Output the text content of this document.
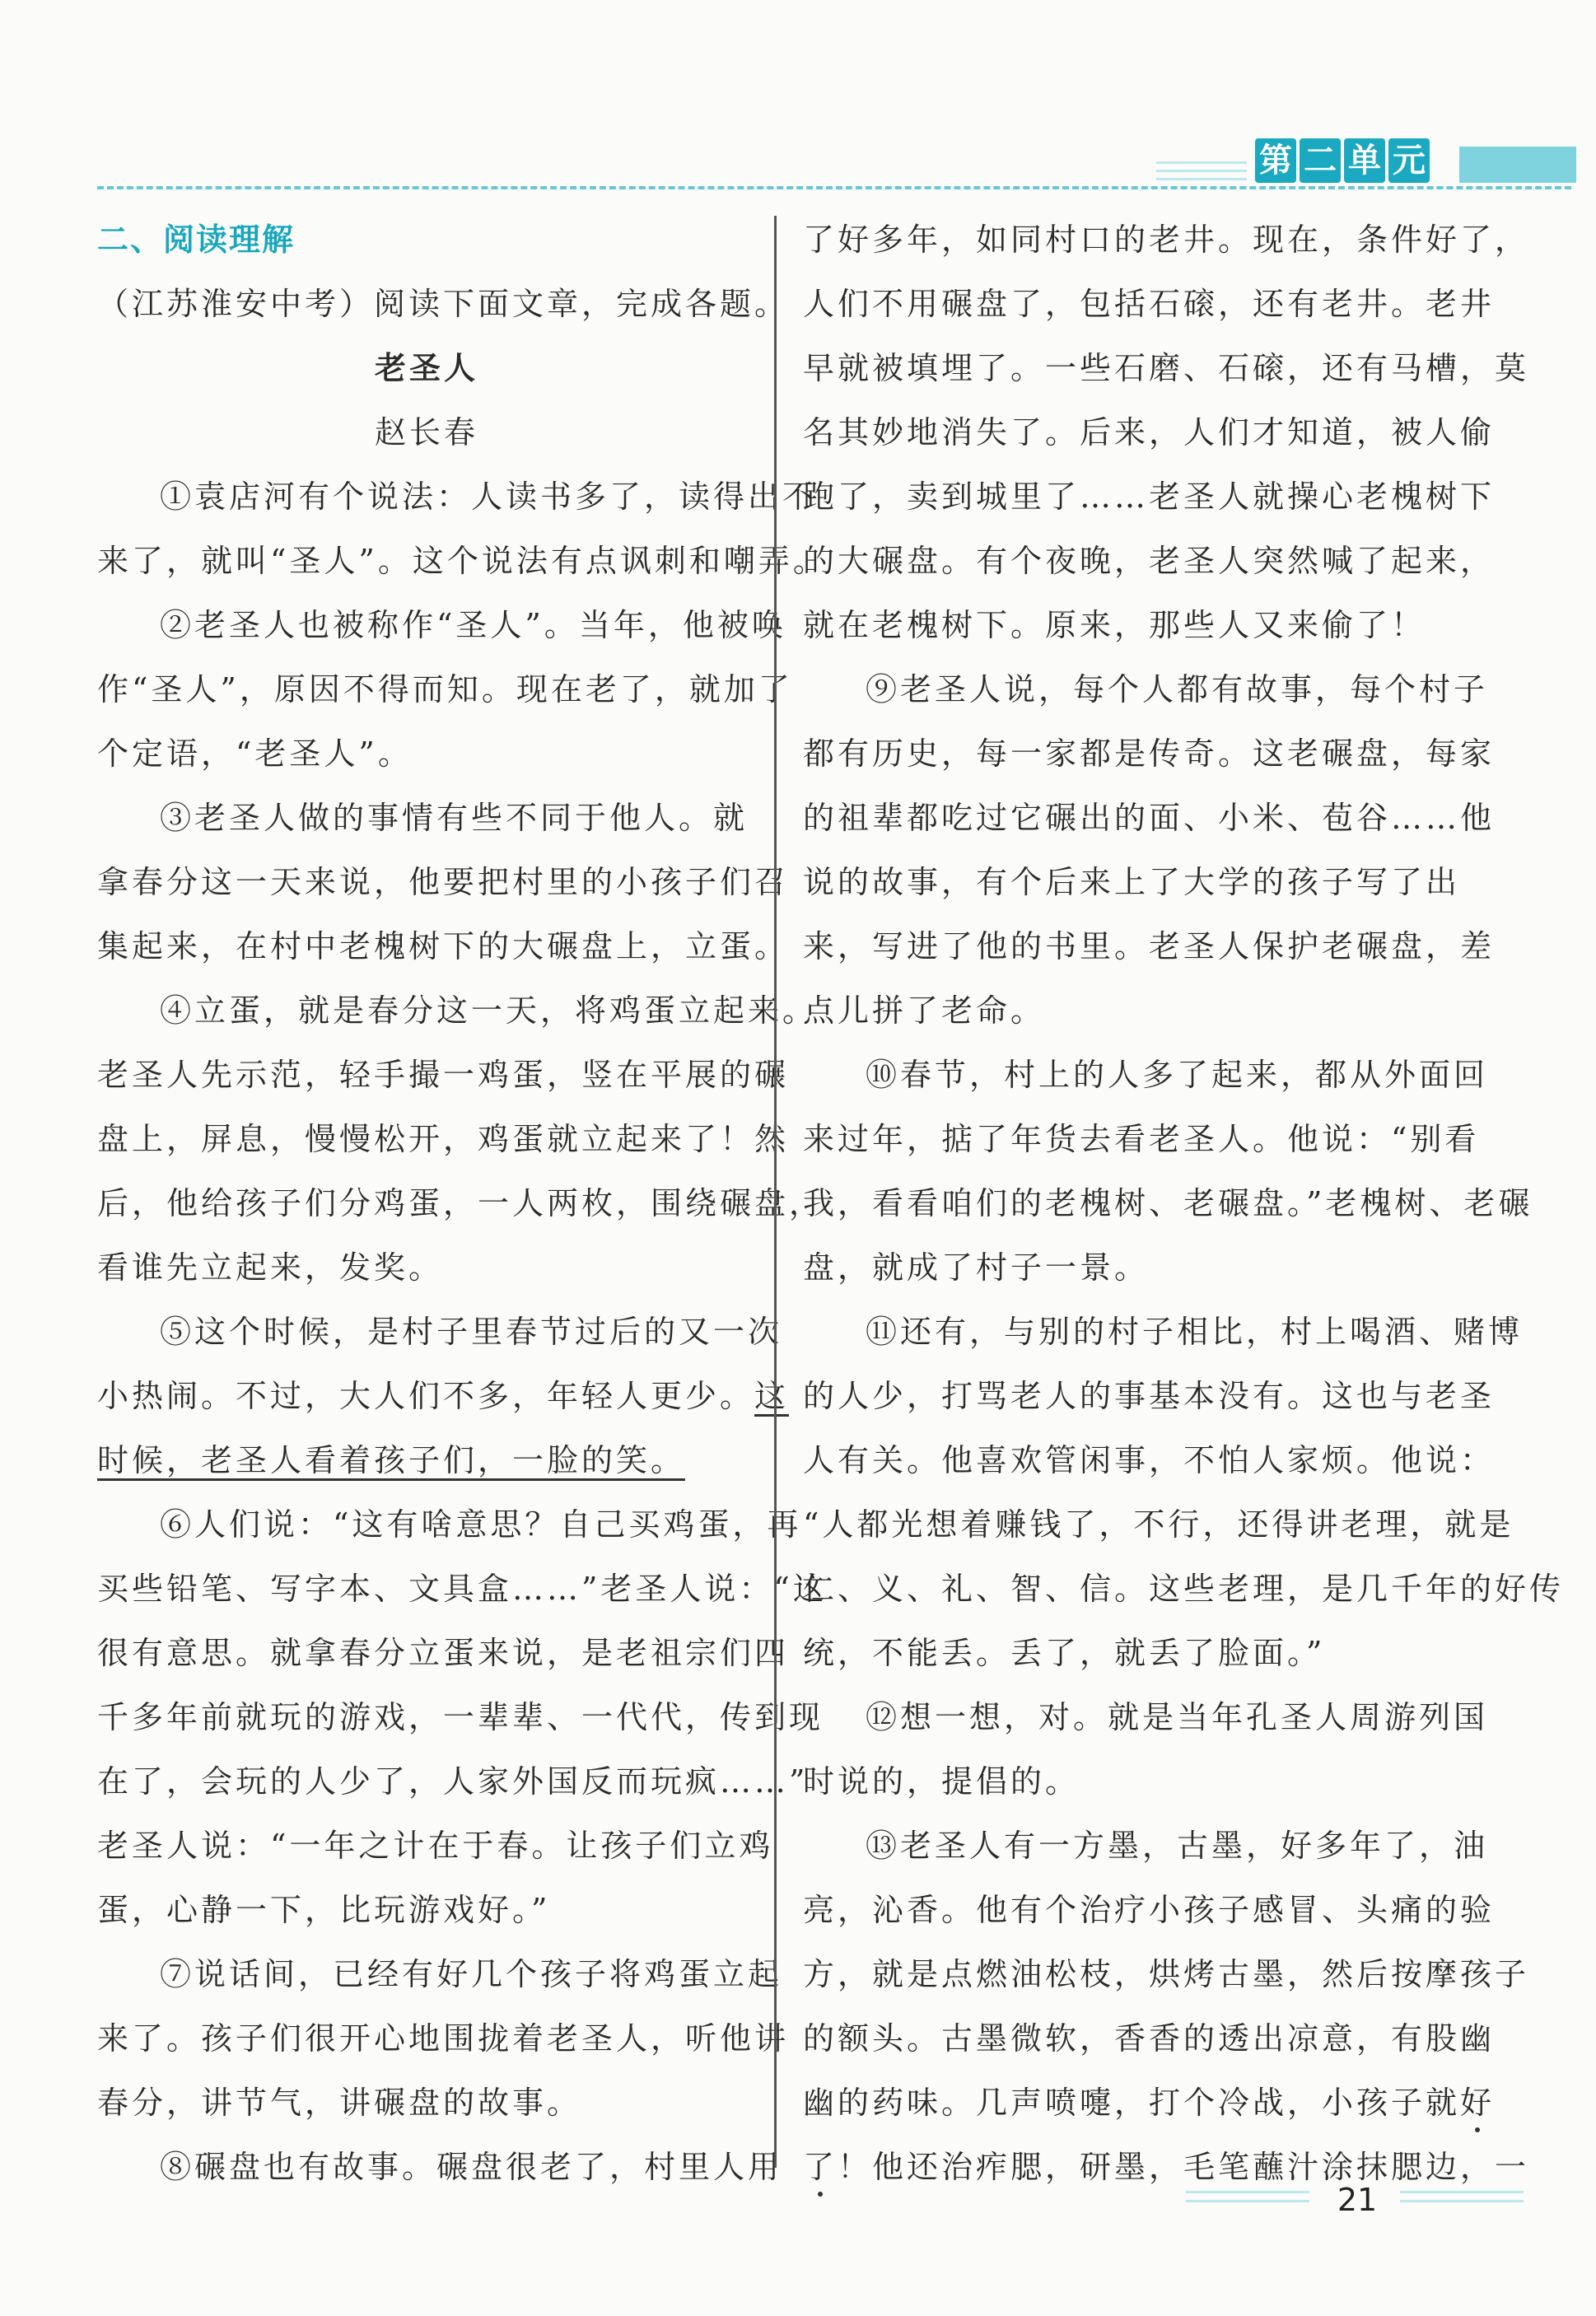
第 二 单 元
二、阅读理解
（江苏淮安中考）阅读下面文章，完成各题。
老圣人
赵长春
①袁店河有个说法：人读书多了，读得出不
来了，就叫“圣人”。这个说法有点讽刺和嘲弄。
②老圣人也被称作“圣人”。当年，他被唤
作“圣人”，原因不得而知。现在老了，就加了
个定语，“老圣人”。
③老圣人做的事情有些不同于他人。就
拿春分这一天来说，他要把村里的小孩子们召
集起来，在村中老槐树下的大碾盘上，立蛋。
④立蛋，就是春分这一天，将鸡蛋立起来。
老圣人先示范，轻手撮一鸡蛋，竖在平展的碾
盘上，屏息，慢慢松开，鸡蛋就立起来了！然
后，他给孩子们分鸡蛋，一人两枚，围绕碾盘，
看谁先立起来，发奖。
⑤这个时候，是村子里春节过后的又一次
小热闹。不过，大人们不多，年轻人更少。这
时候，老圣人看着孩子们，一脸的笑。
⑥人们说：“这有啥意思？自己买鸡蛋，再
买些铅笔、写字本、文具盒……”老圣人说：“这
很有意思。就拿春分立蛋来说，是老祖宗们四
千多年前就玩的游戏，一辈辈、一代代，传到现
在了，会玩的人少了，人家外国反而玩疯……”
老圣人说：“一年之计在于春。让孩子们立鸡
蛋，心静一下，比玩游戏好。”
⑦说话间，已经有好几个孩子将鸡蛋立起
来了。孩子们很开心地围拢着老圣人，听他讲
春分，讲节气，讲碾盘的故事。
⑧碾盘也有故事。碾盘很老了，村里人用
了好多年，如同村口的老井。现在，条件好了，
人们不用碾盘了，包括石磙，还有老井。老井
早就被填埋了。一些石磨、石磙，还有马槽，莫
名其妙地消失了。后来，人们才知道，被人偷
跑了，卖到城里了……老圣人就操心老槐树下
的大碾盘。有个夜晚，老圣人突然喊了起来，
就在老槐树下。原来，那些人又来偷了！
⑨老圣人说，每个人都有故事，每个村子
都有历史，每一家都是传奇。这老碾盘，每家
的祖辈都吃过它碾出的面、小米、苞谷……他
说的故事，有个后来上了大学的孩子写了出
来，写进了他的书里。老圣人保护老碾盘，差
点儿拼了老命。
⑩春节，村上的人多了起来，都从外面回
来过年，掂了年货去看老圣人。他说：“别看
我，看看咱们的老槐树、老碾盘。”老槐树、老碾
盘，就成了村子一景。
⑪还有，与别的村子相比，村上喝酒、赌博
的人少，打骂老人的事基本没有。这也与老圣
人有关。他喜欢管闲事，不怕人家烦。他说：
“人都光想着赚钱了，不行，还得讲老理，就是
仁、义、礼、智、信。这些老理，是几千年的好传
统，不能丢。丢了，就丢了脸面。”
⑫想一想，对。就是当年孔圣人周游列国
时说的，提倡的。
⑬老圣人有一方墨，古墨，好多年了，油
亮，沁香。他有个治疗小孩子感冒、头痛的验
方，就是点燃油松枝，烘烤古墨，然后按摩孩子
的额头。古墨微软，香香的透出凉意，有股幽
幽的药味。几声喷嚏，打个冷战，小孩子就好
了！他还治痄腮，研墨，毛笔蘸汁涂抹腮边，一
21
